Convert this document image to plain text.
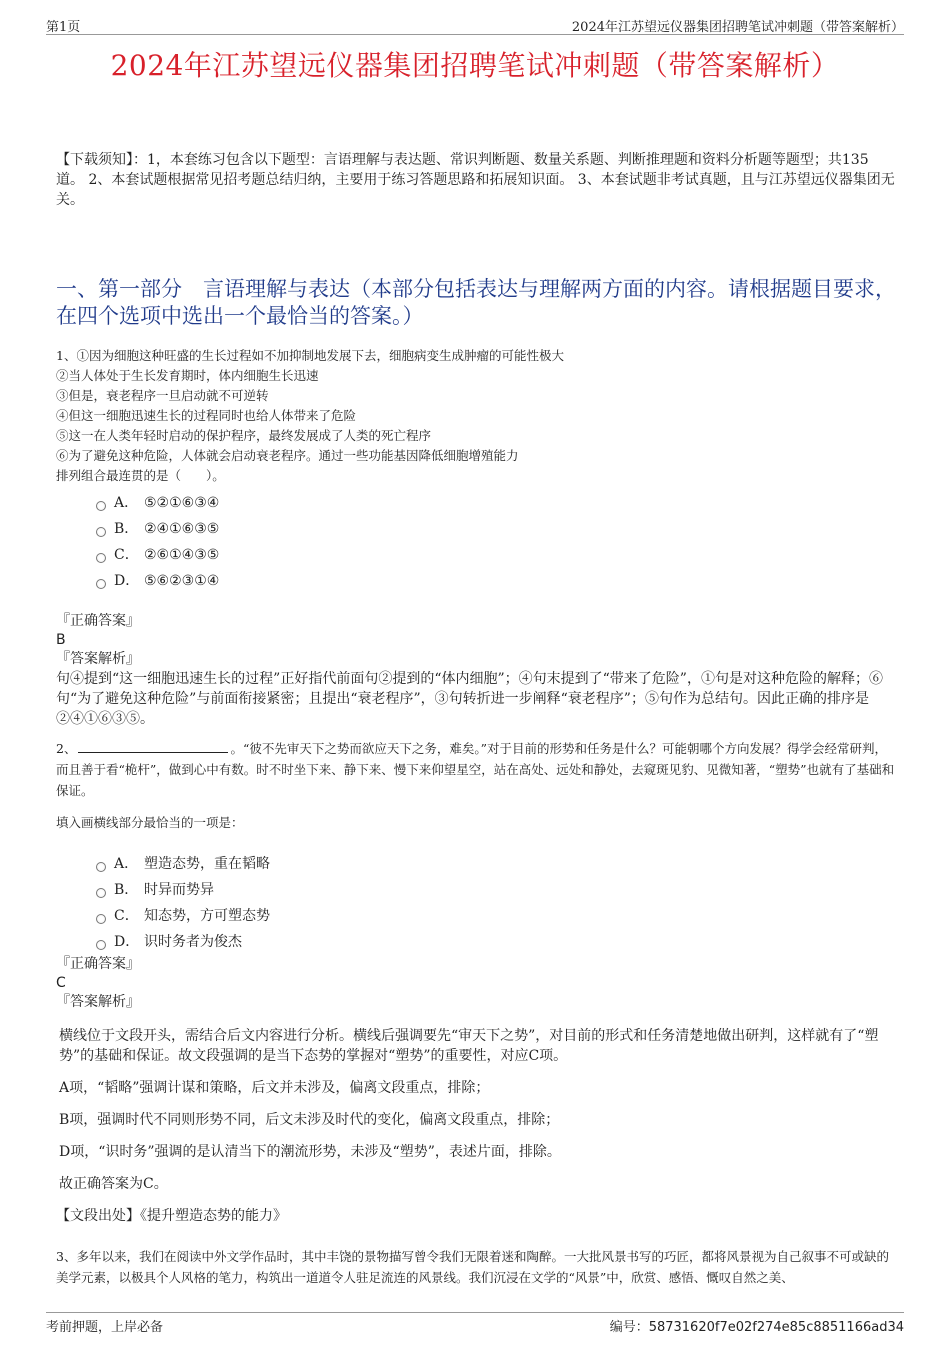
第1页	2024年江苏望远仪器集团招聘笔试冲刺题（带答案解析）
2024年江苏望远仪器集团招聘笔试冲刺题（带答案解析）
【下载须知】：1，本套练习包含以下题型：言语理解与表达题、常识判断题、数量关系题、判断推理题和资料分析题等题型；共135道。 2、本套试题根据常见招考题总结归纳，主要用于练习答题思路和拓展知识面。 3、本套试题非考试真题，且与江苏望远仪器集团无关。
一、第一部分　言语理解与表达（本部分包括表达与理解两方面的内容。请根据题目要求，在四个选项中选出一个最恰当的答案。）
1、①因为细胞这种旺盛的生长过程如不加抑制地发展下去，细胞病变生成肿瘤的可能性极大
②当人体处于生长发育期时，体内细胞生长迅速
③但是，衰老程序一旦启动就不可逆转
④但这一细胞迅速生长的过程同时也给人体带来了危险
⑤这一在人类年轻时启动的保护程序，最终发展成了人类的死亡程序
⑥为了避免这种危险，人体就会启动衰老程序。通过一些功能基因降低细胞增殖能力
排列组合最连贯的是（　　）。
A． ⑤②①⑥③④
B． ②④①⑥③⑤
C． ②⑥①④③⑤
D． ⑤⑥②③①④
『正确答案』
B
『答案解析』
句④提到“这一细胞迅速生长的过程”正好指代前面句②提到的“体内细胞”；④句末提到了“带来了危险”，①句是对这种危险的解释；⑥句“为了避免这种危险”与前面衔接紧密；且提出“衰老程序”，③句转折进一步阐释“衰老程序”；⑤句作为总结句。因此正确的排序是②④①⑥③⑤。
2、	。“彼不先审天下之势而欲应天下之务，难矣。”对于目前的形势和任务是什么？可能朝哪个方向发展？得学会经常研判，而且善于看“桅杆”，做到心中有数。时不时坐下来、静下来、慢下来仰望星空，站在高处、远处和静处，去窥斑见豹、见微知著，“塑势”也就有了基础和保证。
填入画横线部分最恰当的一项是：
A． 塑造态势，重在韬略
B． 时异而势异
C． 知态势，方可塑态势
D． 识时务者为俊杰
『正确答案』
C
『答案解析』
横线位于文段开头，需结合后文内容进行分析。横线后强调要先“审天下之势”，对目前的形式和任务清楚地做出研判，这样就有了“塑势”的基础和保证。故文段强调的是当下态势的掌握对“塑势”的重要性，对应C项。
A项，“韬略”强调计谋和策略，后文并未涉及，偏离文段重点，排除；
B项，强调时代不同则形势不同，后文未涉及时代的变化，偏离文段重点，排除；
D项，“识时务”强调的是认清当下的潮流形势，未涉及“塑势”，表述片面，排除。
故正确答案为C。
【文段出处】《提升塑造态势的能力》
3、多年以来，我们在阅读中外文学作品时，其中丰饶的景物描写曾令我们无限着迷和陶醉。一大批风景书写的巧匠，都将风景视为自己叙事不可或缺的美学元素，以极具个人风格的笔力，构筑出一道道令人驻足流连的风景线。我们沉浸在文学的“风景”中，欣赏、感悟、慨叹自然之美、
考前押题，上岸必备	编号：58731620f7e02f274e85c8851166ad34
